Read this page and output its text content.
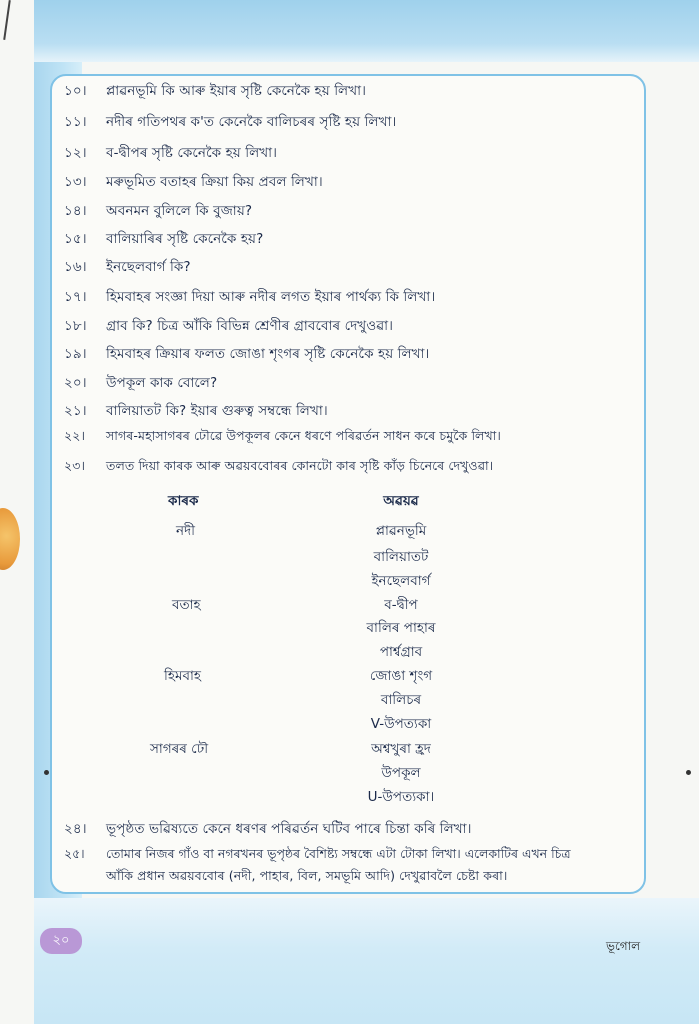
১০। প্লাৱনভূমি কি আৰু ইয়াৰ সৃষ্টি কেনেকৈ হয় লিখা।
১১। নদীৰ গতিপথৰ ক'ত কেনেকৈ বালিচৰৰ সৃষ্টি হয় লিখা।
১২। ব-দ্বীপৰ সৃষ্টি কেনেকৈ হয় লিখা।
১৩। মৰুভূমিত বতাহৰ ক্ৰিয়া কিয় প্ৰবল লিখা।
১৪। অবনমন বুলিলে কি বুজায়?
১৫। বালিয়াৰিৰ সৃষ্টি কেনেকৈ হয়?
১৬। ইনছেলবাৰ্গ কি?
১৭। হিমবাহৰ সংজ্ঞা দিয়া আৰু নদীৰ লগত ইয়াৰ পাৰ্থক্য কি লিখা।
১৮। গ্ৰাব কি? চিত্ৰ আঁকি বিভিন্ন শ্ৰেণীৰ গ্ৰাববোৰ দেখুওৱা।
১৯। হিমবাহৰ ক্ৰিয়াৰ ফলত জোঙা শৃংগৰ সৃষ্টি কেনেকৈ হয় লিখা।
২০। উপকূল কাক বোলে?
২১। বালিয়াতট কি? ইয়াৰ গুৰুত্ব সম্বন্ধে লিখা।
২২। সাগৰ-মহাসাগৰৰ ঢৌৱে উপকূলৰ কেনে ধৰণে পৰিৱৰ্তন সাধন কৰে চমুকৈ লিখা।
২৩। তলত দিয়া কাৰক আৰু অৱয়ববোৰৰ কোনটো কাৰ সৃষ্টি কাঁড় চিনেৰে দেখুওৱা।
কাৰক	অৱয়ৱ
নদী
বতাহ
হিমবাহ
সাগৰৰ ঢৌ
প্লাৱনভূমি
বালিয়াতট
ইনছেলবাৰ্গ
ব-দ্বীপ
বালিৰ পাহাৰ
পাৰ্শ্বগ্ৰাব
জোঙা শৃংগ
বালিচৰ
V-উপত্যকা
অশ্বখুৰা হ্ৰদ
উপকূল
U-উপত্যকা।
২৪। ভূপৃষ্ঠত ভৱিষ্যতে কেনে ধৰণৰ পৰিৱৰ্তন ঘটিব পাৰে চিন্তা কৰি লিখা।
২৫। তোমাৰ নিজৰ গাঁও বা নগৰখনৰ ভূপৃষ্ঠৰ বৈশিষ্ট্য সম্বন্ধে এটা টোকা লিখা। এলেকাটিৰ এখন চিত্ৰ
আঁকি প্ৰধান অৱয়ববোৰ (নদী, পাহাৰ, বিল, সমভূমি আদি) দেখুৱাবলৈ চেষ্টা কৰা।
২০	ভূগোল
